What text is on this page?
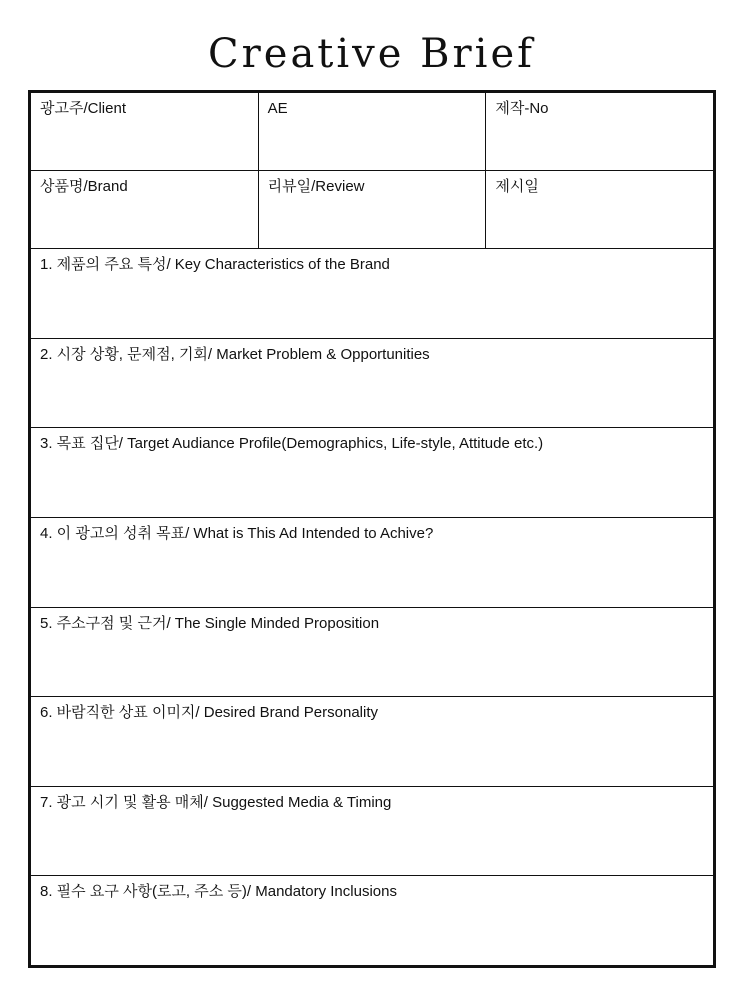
Creative Brief
광고주/Client	AE	제작-No
상품명/Brand	리뷰일/Review	제시일
1. 제품의 주요 특성/ Key Characteristics of the Brand
2. 시장 상황, 문제점, 기회/ Market Problem & Opportunities
3. 목표 집단/ Target Audiance Profile(Demographics, Life-style, Attitude etc.)
4. 이 광고의 성취 목표/ What is This Ad Intended to Achive?
5. 주소구점 및 근거/ The Single Minded Proposition
6. 바람직한 상표 이미지/ Desired Brand Personality
7. 광고 시기 및 활용 매체/ Suggested Media & Timing
8. 필수 요구 사항(로고, 주소 등)/ Mandatory Inclusions
